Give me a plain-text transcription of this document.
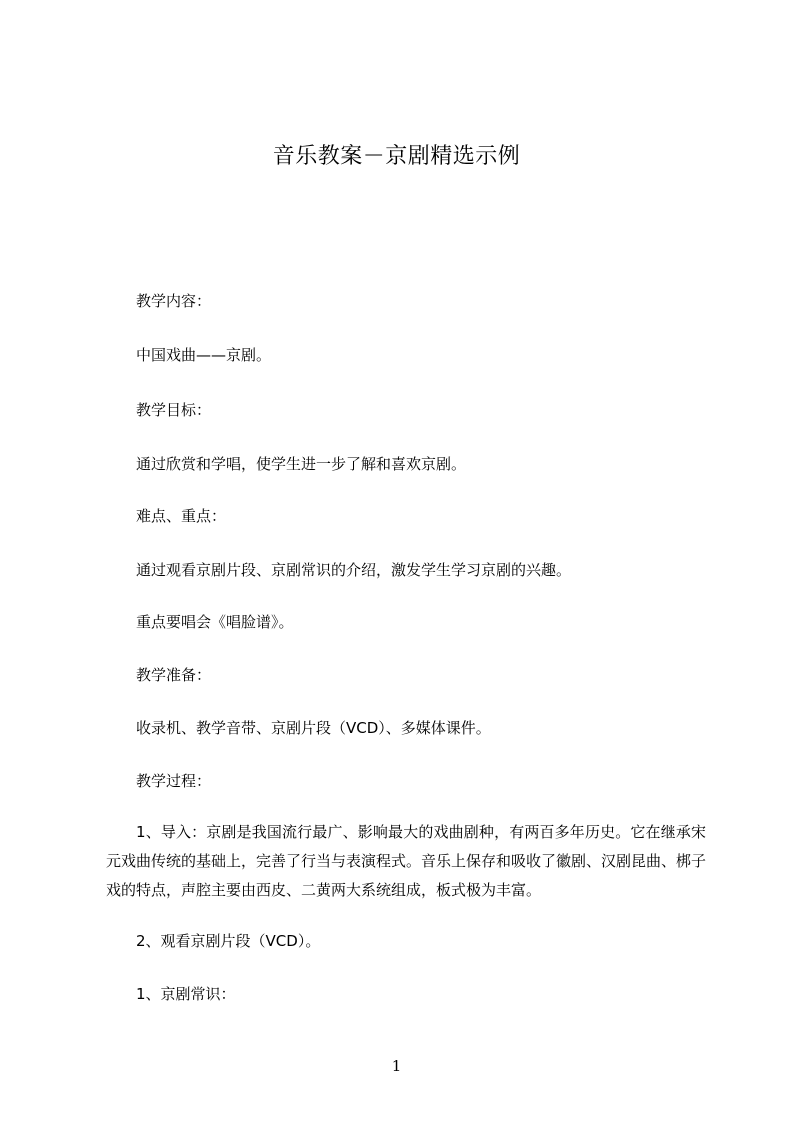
音乐教案－京剧精选示例
教学内容：
中国戏曲——京剧。
教学目标：
通过欣赏和学唱，使学生进一步了解和喜欢京剧。
难点、重点：
通过观看京剧片段、京剧常识的介绍，激发学生学习京剧的兴趣。
重点要唱会《唱脸谱》。
教学准备：
收录机、教学音带、京剧片段（VCD）、多媒体课件。
教学过程：
1、导入：京剧是我国流行最广、影响最大的戏曲剧种，有两百多年历史。它在继承宋元戏曲传统的基础上，完善了行当与表演程式。音乐上保存和吸收了徽剧、汉剧昆曲、梆子戏的特点，声腔主要由西皮、二黄两大系统组成，板式极为丰富。
2、观看京剧片段（VCD）。
1、京剧常识：
1
